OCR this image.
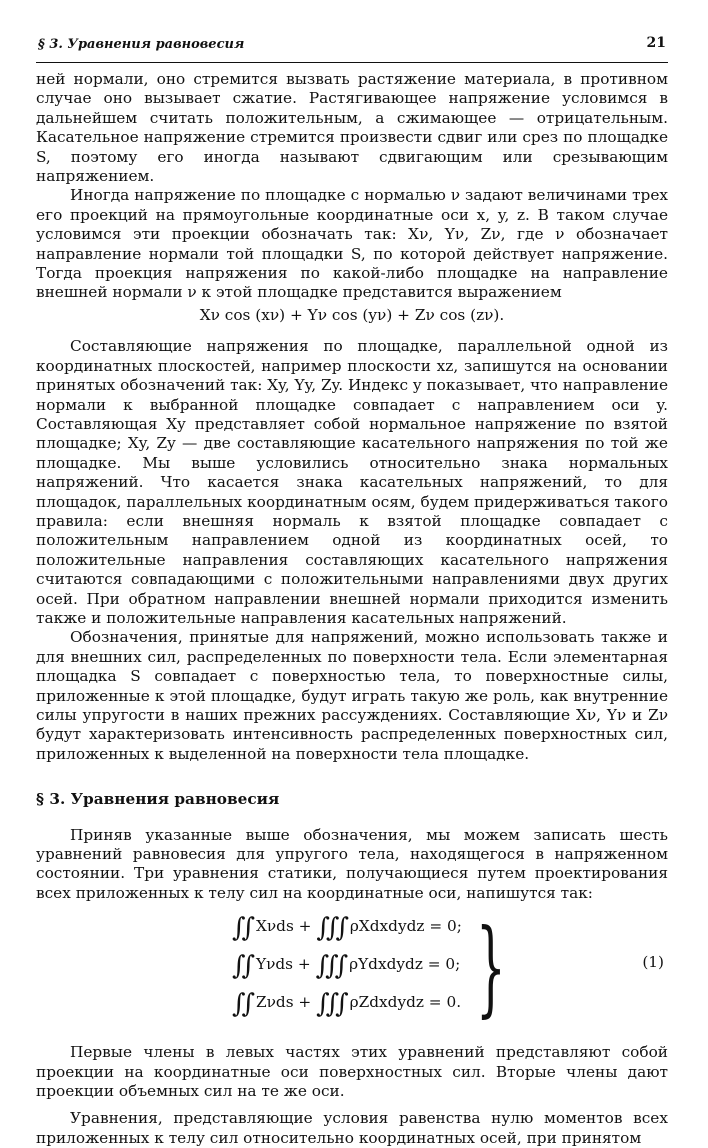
§ 3. Уравнения равновесия	21

ней нормали, оно стремится вызвать растяжение материала, в противном случае оно вызывает сжатие. Растягивающее напряжение условимся в дальнейшем считать положительным, а сжимающее — отрицательным. Касательное напряжение стремится произвести сдвиг или срез по площадке S, поэтому его иногда называют сдвигающим или срезывающим напряжением.

Иногда напряжение по площадке с нормалью ν задают величинами трех его проекций на прямоугольные координатные оси x, y, z. В таком случае условимся эти проекции обозначать так: Xν, Yν, Zν, где ν обозначает направление нормали той площадки S, по которой действует напряжение. Тогда проекция напряжения по какой-либо площадке на направление внешней нормали ν к этой площадке представится выражением

Xν cos (xν) + Yν cos (yν) + Zν cos (zν).

Составляющие напряжения по площадке, параллельной одной из координатных плоскостей, например плоскости xz, запишутся на основании принятых обозначений так: Xy, Yy, Zy. Индекс y показывает, что направление нормали к выбранной площадке совпадает с направлением оси y. Составляющая Xy представляет собой нормальное напряжение по взятой площадке; Xy, Zy — две составляющие касательного напряжения по той же площадке. Мы выше условились относительно знака нормальных напряжений. Что касается знака касательных напряжений, то для площадок, параллельных координатным осям, будем придерживаться такого правила: если внешняя нормаль к взятой площадке совпадает с положительным направлением одной из координатных осей, то положительные направления составляющих касательного напряжения считаются совпадающими с положительными направлениями двух других осей. При обратном направлении внешней нормали приходится изменить также и положительные направления касательных напряжений.

Обозначения, принятые для напряжений, можно использовать также и для внешних сил, распределенных по поверхности тела. Если элементарная площадка S совпадает с поверхностью тела, то поверхностные силы, приложенные к этой площадке, будут играть такую же роль, как внутренние силы упругости в наших прежних рассуждениях. Составляющие Xν, Yν и Zν будут характеризовать интенсивность распределенных поверхностных сил, приложенных к выделенной на поверхности тела площадке.

§ 3. Уравнения равновесия

Приняв указанные выше обозначения, мы можем записать шесть уравнений равновесия для упругого тела, находящегося в напряженном состоянии. Три уравнения статики, получающиеся путем проектирования всех приложенных к телу сил на координатные оси, напишутся так:

∫∫ Xνds + ∫∫∫ ρXdxdydz = 0;
∫∫ Yνds + ∫∫∫ ρYdxdydz = 0;
∫∫ Zνds + ∫∫∫ ρZdxdydz = 0. }	(1)

Первые члены в левых частях этих уравнений представляют собой проекции на координатные оси поверхностных сил. Вторые члены дают проекции объемных сил на те же оси.

Уравнения, представляющие условия равенства нулю моментов всех приложенных к телу сил относительно координатных осей, при принятом
